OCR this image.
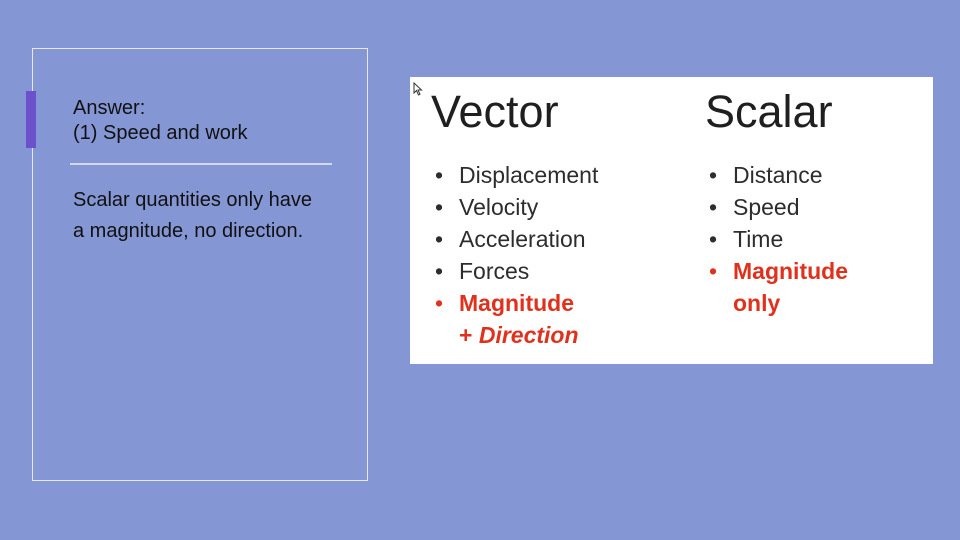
Answer:
(1) Speed and work
Scalar quantities only have a magnitude, no direction.
Vector
• Displacement
• Velocity
• Acceleration
• Forces
• Magnitude
+ Direction
Scalar
• Distance
• Speed
• Time
• Magnitude
only
